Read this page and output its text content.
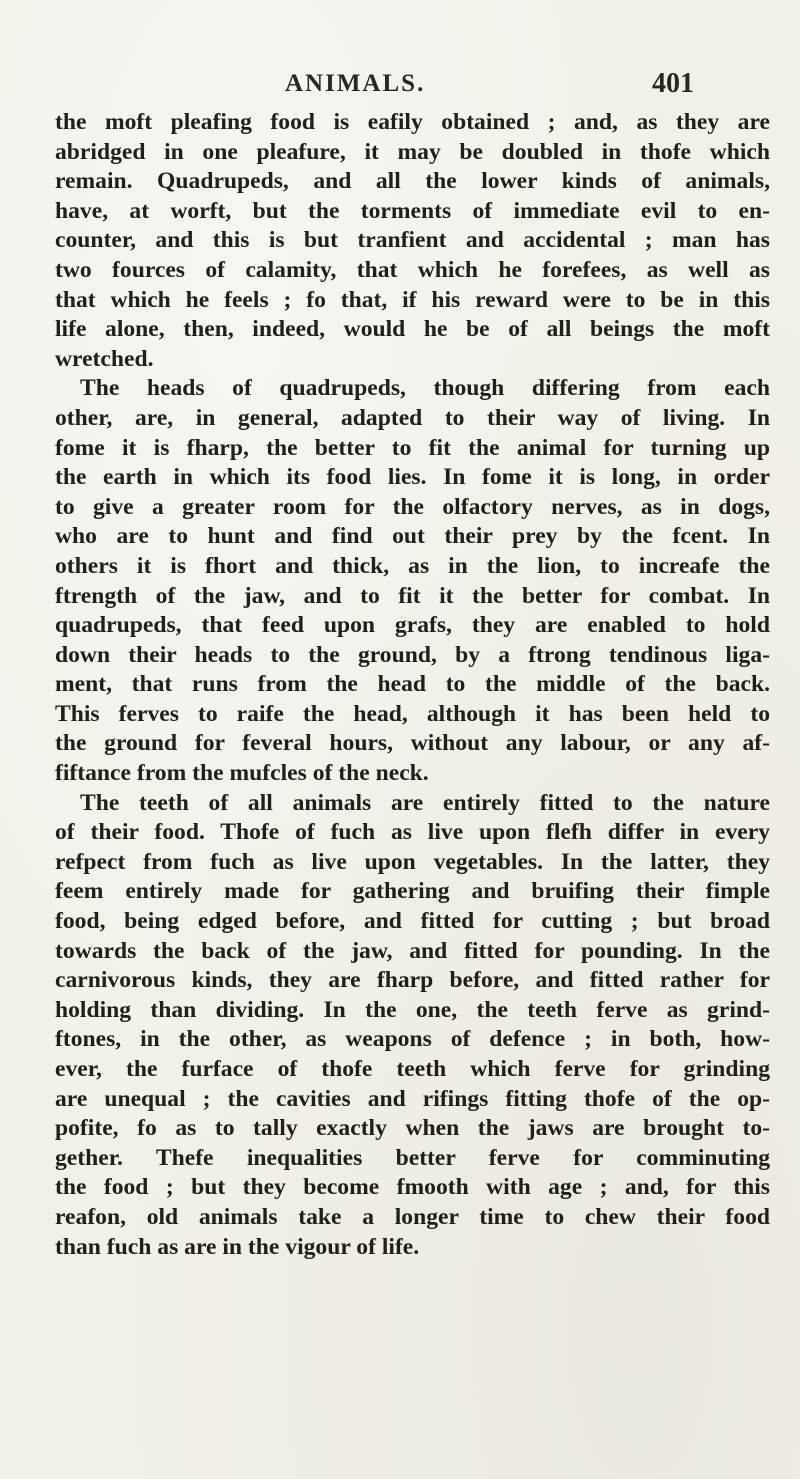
ANIMALS.	401
the moft pleafing food is eafily obtained ; and, as they are
abridged in one pleafure, it may be doubled in thofe which
remain. Quadrupeds, and all the lower kinds of animals,
have, at worft, but the torments of immediate evil to en-
counter, and this is but tranfient and accidental ; man has
two fources of calamity, that which he forefees, as well as
that which he feels ; fo that, if his reward were to be in this
life alone, then, indeed, would he be of all beings the moft
wretched.
The heads of quadrupeds, though differing from each
other, are, in general, adapted to their way of living. In
fome it is fharp, the better to fit the animal for turning up
the earth in which its food lies. In fome it is long, in order
to give a greater room for the olfactory nerves, as in dogs,
who are to hunt and find out their prey by the fcent. In
others it is fhort and thick, as in the lion, to increafe the
ftrength of the jaw, and to fit it the better for combat. In
quadrupeds, that feed upon grafs, they are enabled to hold
down their heads to the ground, by a ftrong tendinous liga-
ment, that runs from the head to the middle of the back.
This ferves to raife the head, although it has been held to
the ground for feveral hours, without any labour, or any af-
fiftance from the mufcles of the neck.
The teeth of all animals are entirely fitted to the nature
of their food. Thofe of fuch as live upon flefh differ in every
refpect from fuch as live upon vegetables. In the latter, they
feem entirely made for gathering and bruifing their fimple
food, being edged before, and fitted for cutting ; but broad
towards the back of the jaw, and fitted for pounding. In the
carnivorous kinds, they are fharp before, and fitted rather for
holding than dividing. In the one, the teeth ferve as grind-
ftones, in the other, as weapons of defence ; in both, how-
ever, the furface of thofe teeth which ferve for grinding
are unequal ; the cavities and rifings fitting thofe of the op-
pofite, fo as to tally exactly when the jaws are brought to-
gether. Thefe inequalities better ferve for comminuting
the food ; but they become fmooth with age ; and, for this
reafon, old animals take a longer time to chew their food
than fuch as are in the vigour of life.
